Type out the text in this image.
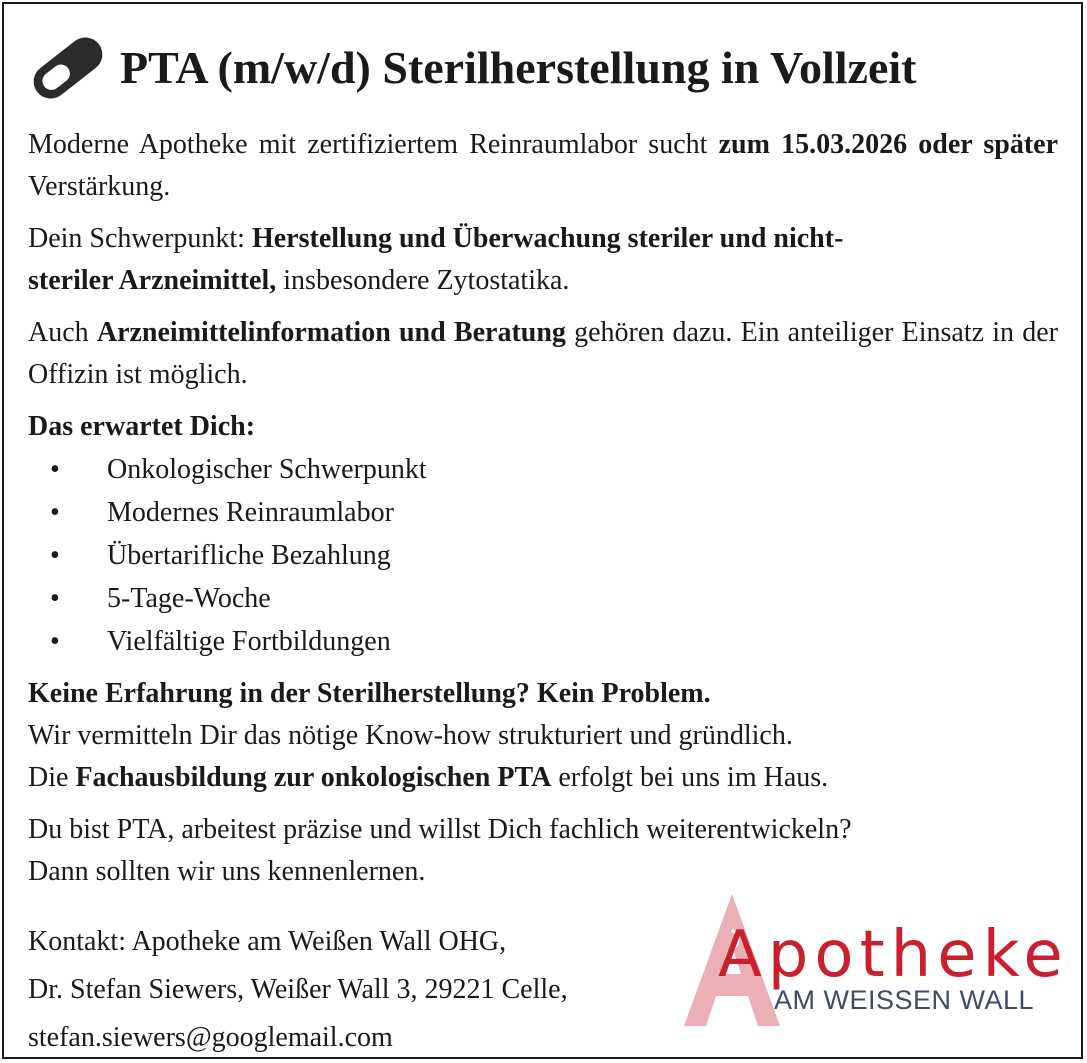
PTA (m/w/d) Sterilherstellung in Vollzeit

Moderne Apotheke mit zertifiziertem Reinraumlabor sucht zum 15.03.2026 oder später Verstärkung.

Dein Schwerpunkt: Herstellung und Überwachung steriler und nicht-steriler Arzneimittel, insbesondere Zytostatika.

Auch Arzneimittelinformation und Beratung gehören dazu. Ein anteiliger Einsatz in der Offizin ist möglich.

Das erwartet Dich:

•	Onkologischer Schwerpunkt
•	Modernes Reinraumlabor
•	Übertarifliche Bezahlung
•	5-Tage-Woche
•	Vielfältige Fortbildungen

Keine Erfahrung in der Sterilherstellung? Kein Problem.
Wir vermitteln Dir das nötige Know-how strukturiert und gründlich.
Die Fachausbildung zur onkologischen PTA erfolgt bei uns im Haus.

Du bist PTA, arbeitest präzise und willst Dich fachlich weiterentwickeln?
Dann sollten wir uns kennenlernen.

Kontakt: Apotheke am Weißen Wall OHG,
Dr. Stefan Siewers, Weißer Wall 3, 29221 Celle,
stefan.siewers@googlemail.com
Apotheke
AM WEISSEN WALL
